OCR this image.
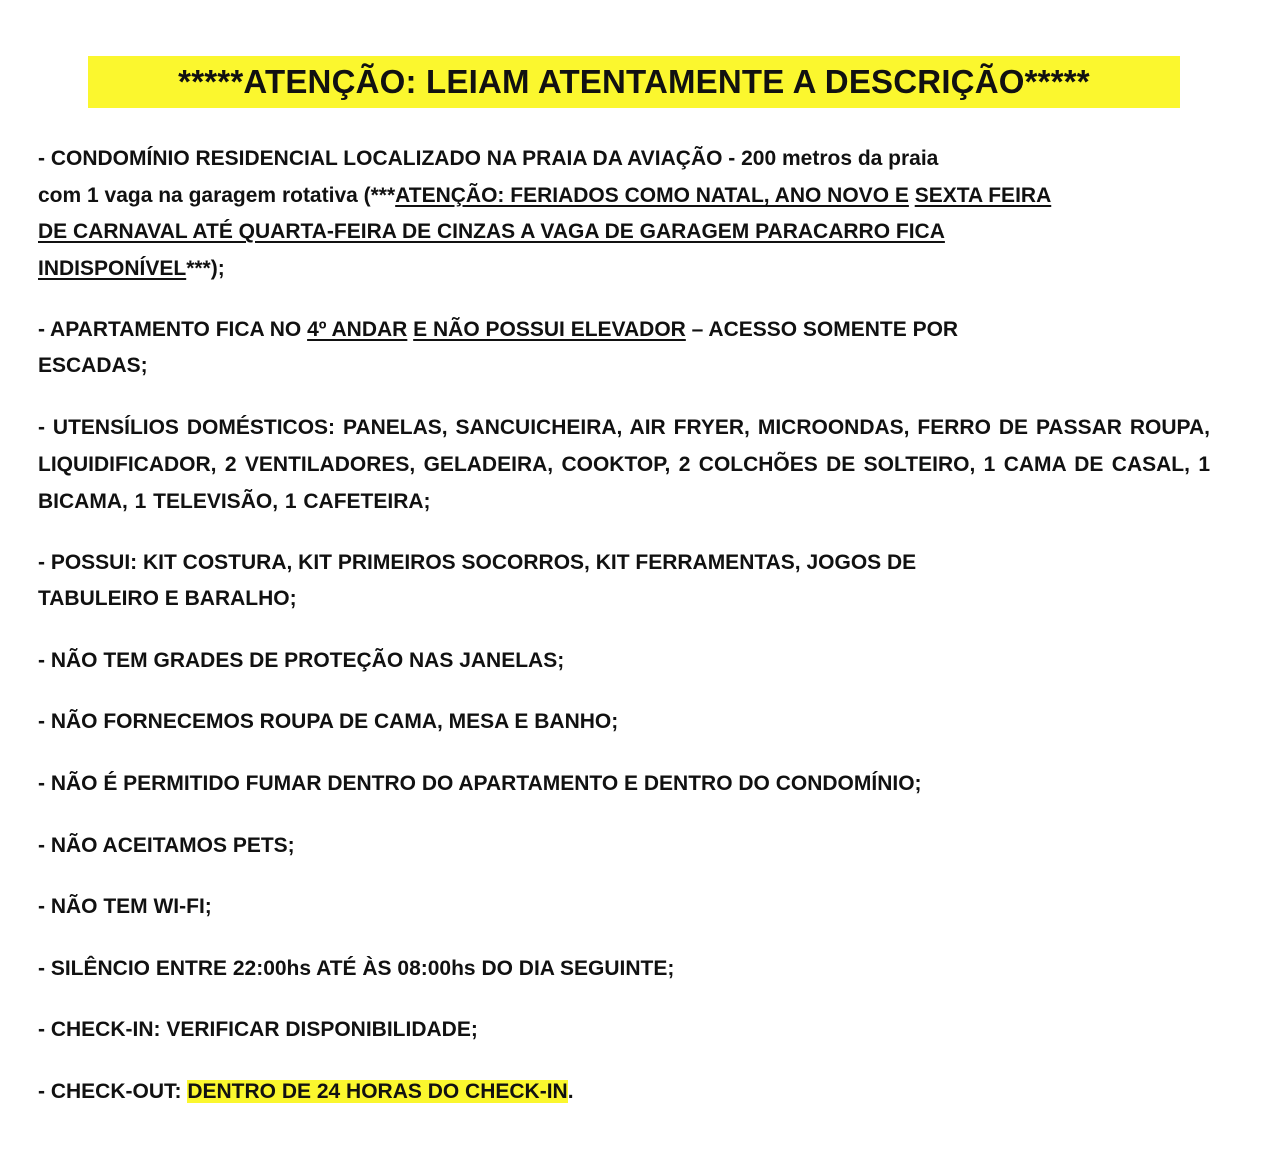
*****ATENÇÃO: LEIAM ATENTAMENTE A DESCRIÇÃO*****
- CONDOMÍNIO RESIDENCIAL LOCALIZADO NA PRAIA DA AVIAÇÃO - 200 metros da praia
com 1 vaga na garagem rotativa (***ATENÇÃO: FERIADOS COMO NATAL, ANO NOVO E SEXTA FEIRA
DE CARNAVAL ATÉ QUARTA-FEIRA DE CINZAS A VAGA DE GARAGEM PARACARRO FICA
INDISPONÍVEL***);
- APARTAMENTO FICA NO 4º ANDAR E NÃO POSSUI ELEVADOR – ACESSO SOMENTE POR
ESCADAS;
- UTENSÍLIOS DOMÉSTICOS: PANELAS, SANCUICHEIRA, AIR FRYER, MICROONDAS, FERRO DE PASSAR ROUPA, LIQUIDIFICADOR, 2 VENTILADORES, GELADEIRA, COOKTOP, 2 COLCHÕES DE SOLTEIRO, 1 CAMA DE CASAL, 1 BICAMA, 1 TELEVISÃO, 1 CAFETEIRA;
- POSSUI: KIT COSTURA, KIT PRIMEIROS SOCORROS, KIT FERRAMENTAS, JOGOS DE
TABULEIRO E BARALHO;
- NÃO TEM GRADES DE PROTEÇÃO NAS JANELAS;
- NÃO FORNECEMOS ROUPA DE CAMA, MESA E BANHO;
- NÃO É PERMITIDO FUMAR DENTRO DO APARTAMENTO E DENTRO DO CONDOMÍNIO;
- NÃO ACEITAMOS PETS;
- NÃO TEM WI-FI;
- SILÊNCIO ENTRE 22:00hs ATÉ ÀS 08:00hs DO DIA SEGUINTE;
- CHECK-IN: VERIFICAR DISPONIBILIDADE;
- CHECK-OUT: DENTRO DE 24 HORAS DO CHECK-IN.
